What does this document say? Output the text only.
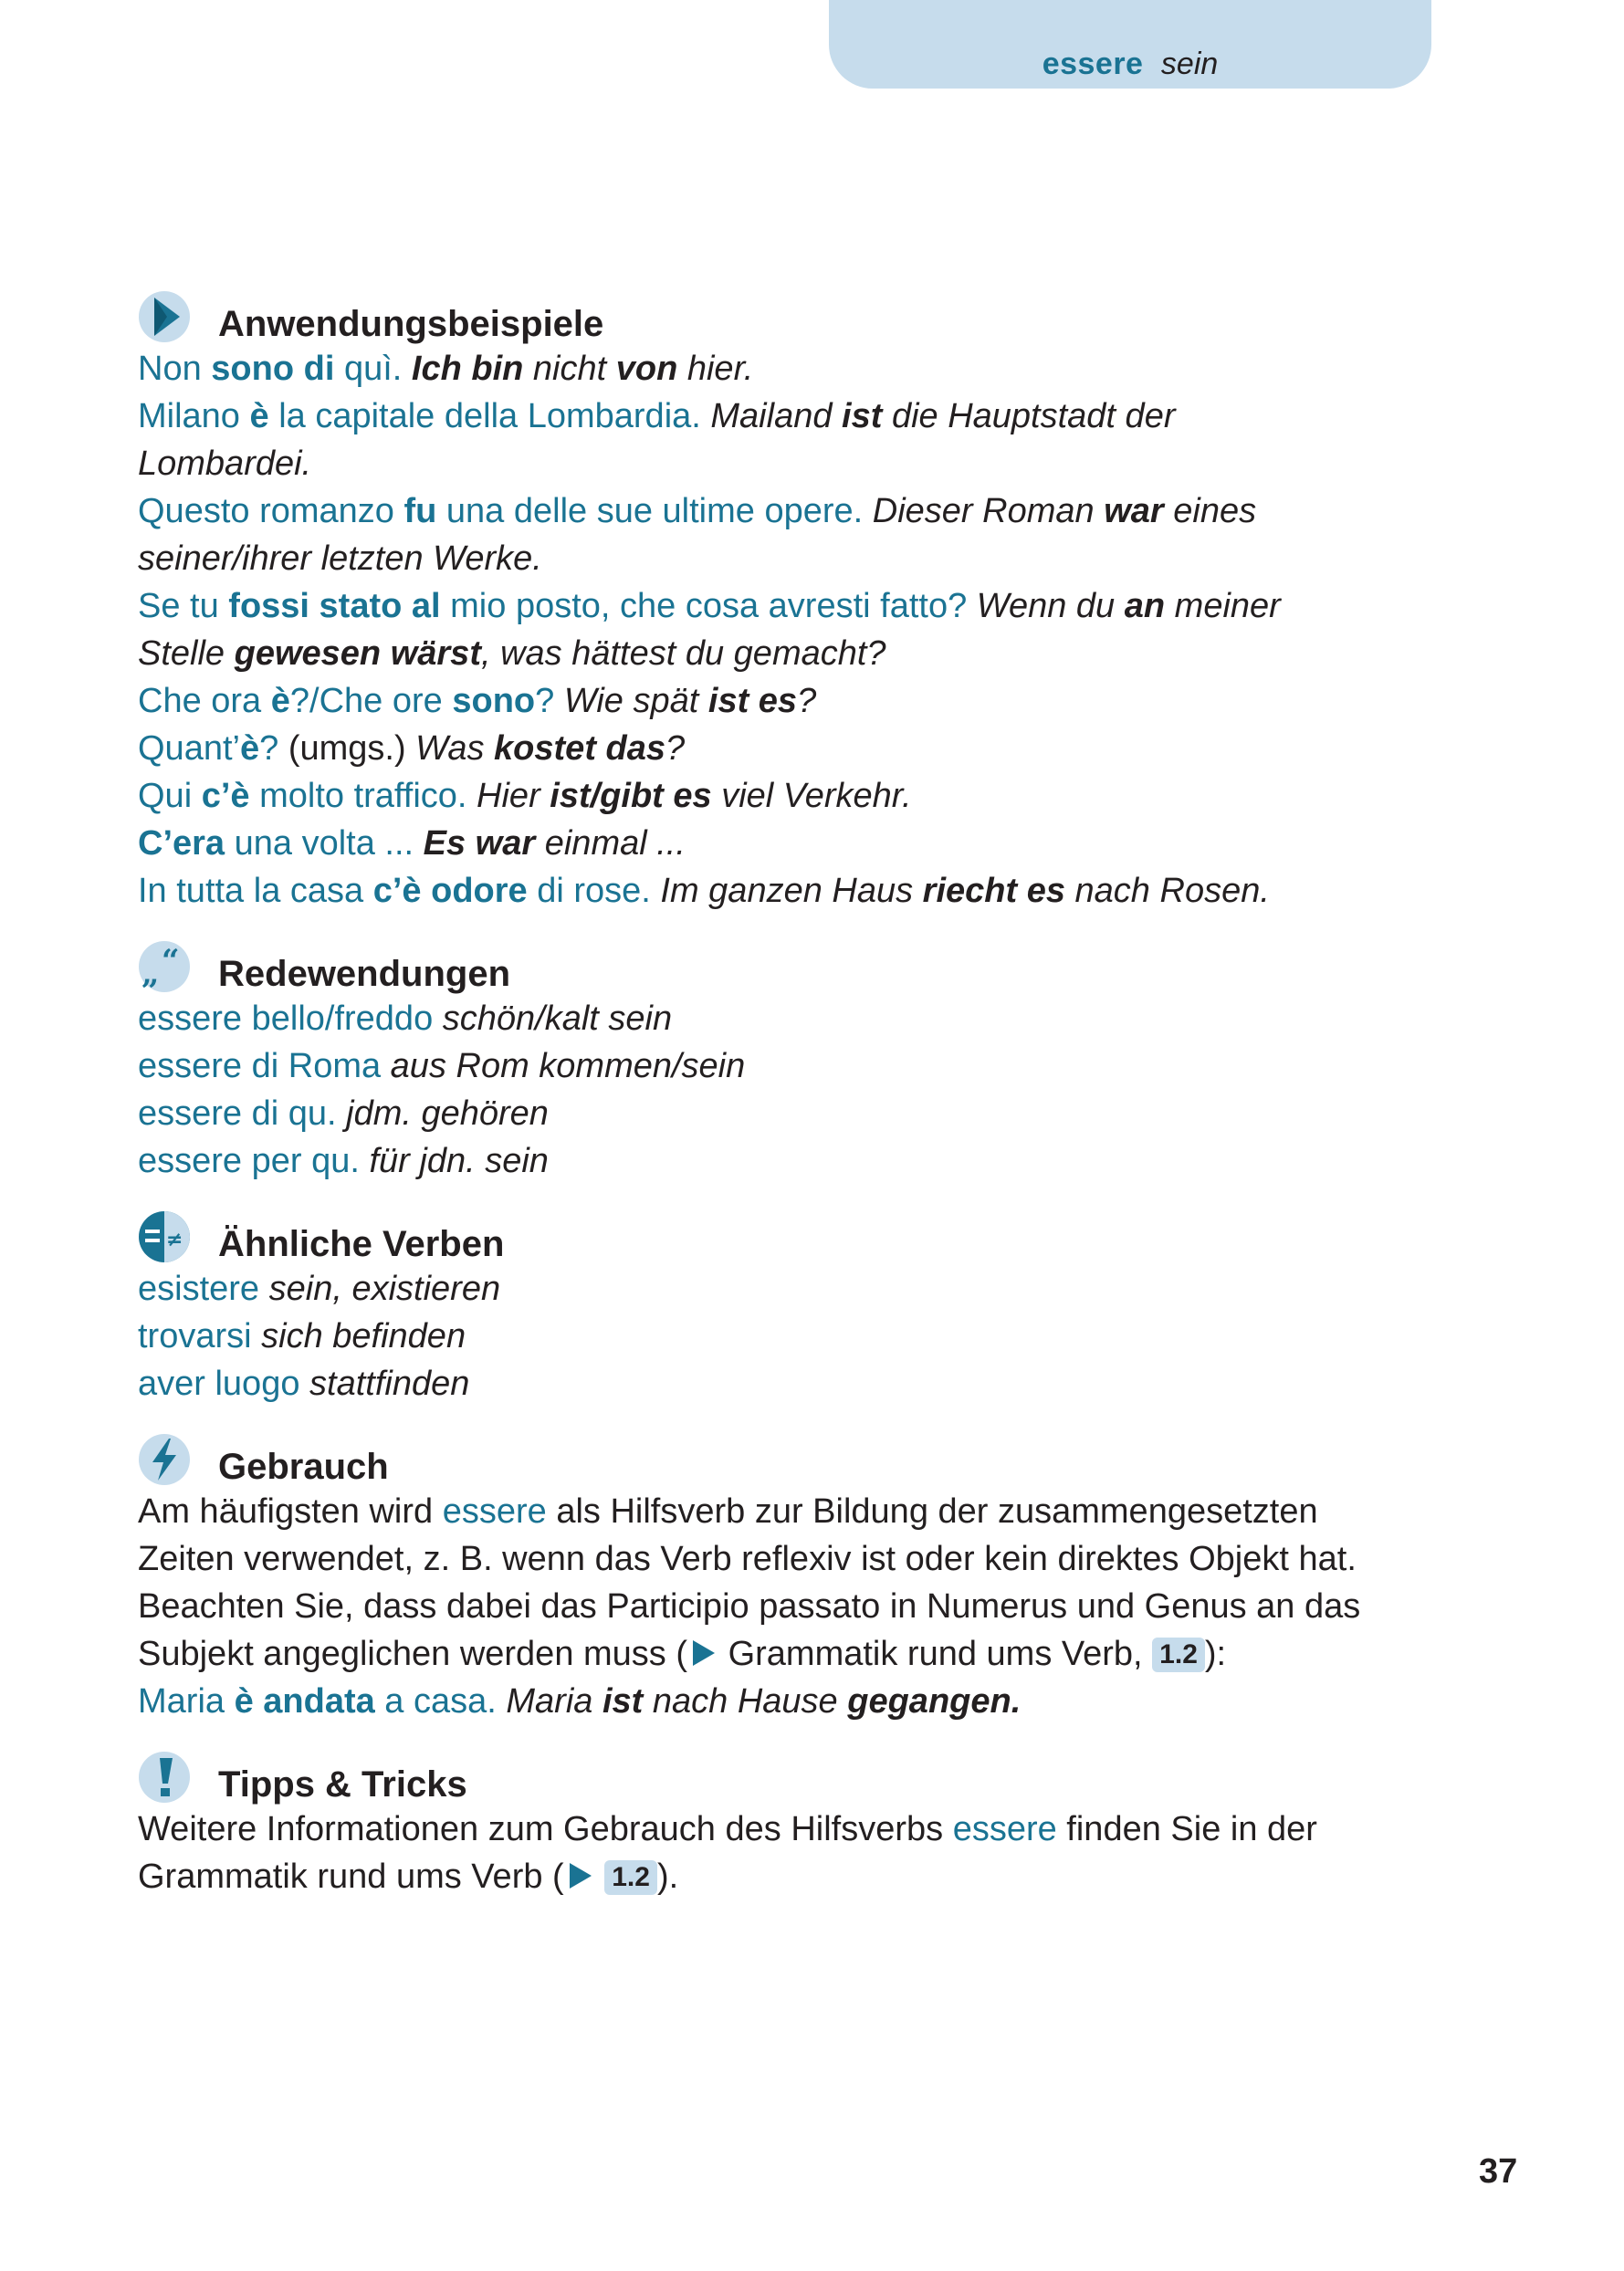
essere sein
Anwendungsbeispiele
Non sono di quì. Ich bin nicht von hier.
Milano è la capitale della Lombardia. Mailand ist die Hauptstadt der
Lombardei.
Questo romanzo fu una delle sue ultime opere. Dieser Roman war eines
seiner/ihrer letzten Werke.
Se tu fossi stato al mio posto, che cosa avresti fatto? Wenn du an meiner
Stelle gewesen wärst, was hättest du gemacht?
Che ora è?/Che ore sono? Wie spät ist es?
Quant’è? (umgs.) Was kostet das?
Qui c’è molto traffico. Hier ist/gibt es viel Verkehr.
C’era una volta ... Es war einmal ...
In tutta la casa c’è odore di rose. Im ganzen Haus riecht es nach Rosen.
„ “ Redewendungen
essere bello/freddo schön/kalt sein
essere di Roma aus Rom kommen/sein
essere di qu. jdm. gehören
essere per qu. für jdn. sein
≠ Ähnliche Verben
esistere sein, existieren
trovarsi sich befinden
aver luogo stattfinden
Gebrauch
Am häufigsten wird essere als Hilfsverb zur Bildung der zusammengesetzten
Zeiten verwendet, z. B. wenn das Verb reflexiv ist oder kein direktes Objekt hat.
Beachten Sie, dass dabei das Participio passato in Numerus und Genus an das
Subjekt angeglichen werden muss ( Grammatik rund ums Verb, 1.2 ):
Maria è andata a casa. Maria ist nach Hause gegangen.
Tipps & Tricks
Weitere Informationen zum Gebrauch des Hilfsverbs essere finden Sie in der
Grammatik rund ums Verb ( 1.2 ).
37
